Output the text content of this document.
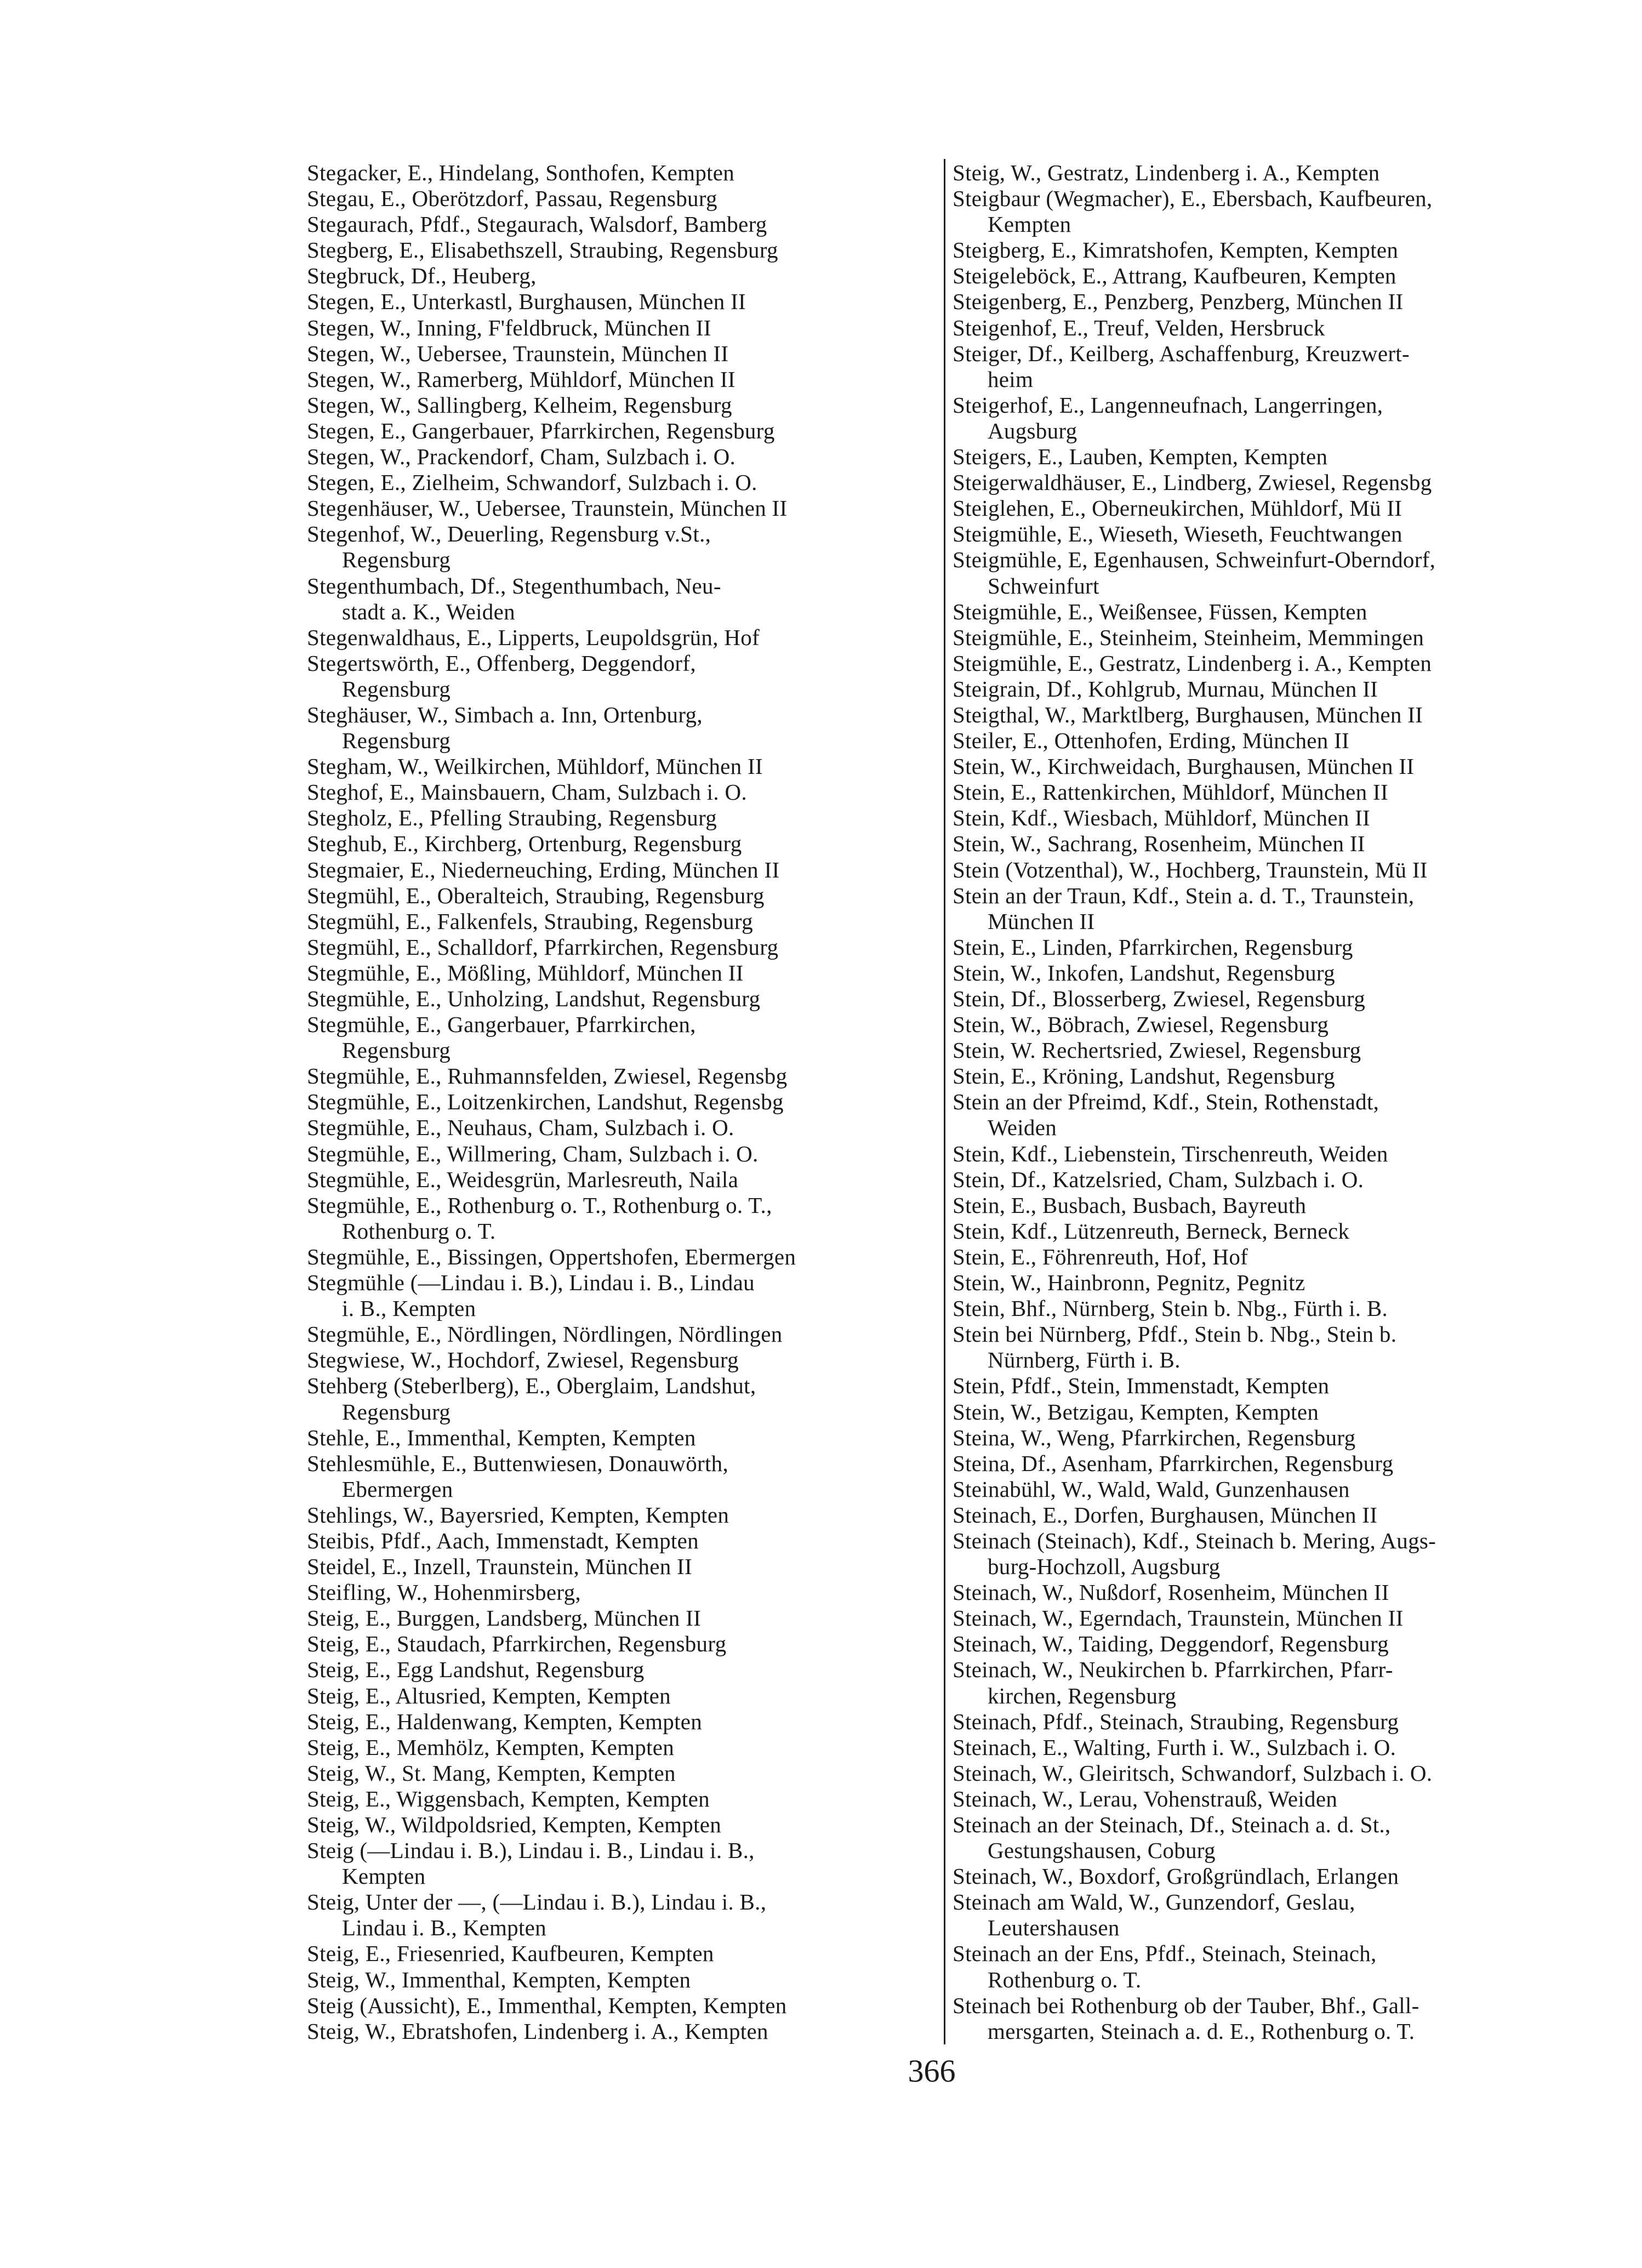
Stegacker, E., Hindelang, Sonthofen, Kempten
Stegau, E., Oberötzdorf, Passau, Regensburg
Stegaurach, Pfdf., Stegaurach, Walsdorf, Bamberg
Stegberg, E., Elisabethszell, Straubing, Regensburg
Stegbruck, Df., Heuberg,
Stegen, E., Unterkastl, Burghausen, München II
Stegen, W., Inning, F'feldbruck, München II
Stegen, W., Uebersee, Traunstein, München II
Stegen, W., Ramerberg, Mühldorf, München II
Stegen, W., Sallingberg, Kelheim, Regensburg
Stegen, E., Gangerbauer, Pfarrkirchen, Regensburg
Stegen, W., Prackendorf, Cham, Sulzbach i. O.
Stegen, E., Zielheim, Schwandorf, Sulzbach i. O.
Stegenhäuser, W., Uebersee, Traunstein, München II
Stegenhof, W., Deuerling, Regensburg v.St.,
Regensburg
Stegenthumbach, Df., Stegenthumbach, Neu-
stadt a. K., Weiden
Stegenwaldhaus, E., Lipperts, Leupoldsgrün, Hof
Stegertswörth, E., Offenberg, Deggendorf,
Regensburg
Steghäuser, W., Simbach a. Inn, Ortenburg,
Regensburg
Stegham, W., Weilkirchen, Mühldorf, München II
Steghof, E., Mainsbauern, Cham, Sulzbach i. O.
Stegholz, E., Pfelling Straubing, Regensburg
Steghub, E., Kirchberg, Ortenburg, Regensburg
Stegmaier, E., Niederneuching, Erding, München II
Stegmühl, E., Oberalteich, Straubing, Regensburg
Stegmühl, E., Falkenfels, Straubing, Regensburg
Stegmühl, E., Schalldorf, Pfarrkirchen, Regensburg
Stegmühle, E., Mößling, Mühldorf, München II
Stegmühle, E., Unholzing, Landshut, Regensburg
Stegmühle, E., Gangerbauer, Pfarrkirchen,
Regensburg
Stegmühle, E., Ruhmannsfelden, Zwiesel, Regensbg
Stegmühle, E., Loitzenkirchen, Landshut, Regensbg
Stegmühle, E., Neuhaus, Cham, Sulzbach i. O.
Stegmühle, E., Willmering, Cham, Sulzbach i. O.
Stegmühle, E., Weidesgrün, Marlesreuth, Naila
Stegmühle, E., Rothenburg o. T., Rothenburg o. T.,
Rothenburg o. T.
Stegmühle, E., Bissingen, Oppertshofen, Ebermergen
Stegmühle (—Lindau i. B.), Lindau i. B., Lindau
i. B., Kempten
Stegmühle, E., Nördlingen, Nördlingen, Nördlingen
Stegwiese, W., Hochdorf, Zwiesel, Regensburg
Stehberg (Steberlberg), E., Oberglaim, Landshut,
Regensburg
Stehle, E., Immenthal, Kempten, Kempten
Stehlesmühle, E., Buttenwiesen, Donauwörth,
Ebermergen
Stehlings, W., Bayersried, Kempten, Kempten
Steibis, Pfdf., Aach, Immenstadt, Kempten
Steidel, E., Inzell, Traunstein, München II
Steifling, W., Hohenmirsberg,
Steig, E., Burggen, Landsberg, München II
Steig, E., Staudach, Pfarrkirchen, Regensburg
Steig, E., Egg Landshut, Regensburg
Steig, E., Altusried, Kempten, Kempten
Steig, E., Haldenwang, Kempten, Kempten
Steig, E., Memhölz, Kempten, Kempten
Steig, W., St. Mang, Kempten, Kempten
Steig, E., Wiggensbach, Kempten, Kempten
Steig, W., Wildpoldsried, Kempten, Kempten
Steig (—Lindau i. B.), Lindau i. B., Lindau i. B.,
Kempten
Steig, Unter der —, (—Lindau i. B.), Lindau i. B.,
Lindau i. B., Kempten
Steig, E., Friesenried, Kaufbeuren, Kempten
Steig, W., Immenthal, Kempten, Kempten
Steig (Aussicht), E., Immenthal, Kempten, Kempten
Steig, W., Ebratshofen, Lindenberg i. A., Kempten
Steig, W., Gestratz, Lindenberg i. A., Kempten
Steigbaur (Wegmacher), E., Ebersbach, Kaufbeuren,
Kempten
Steigberg, E., Kimratshofen, Kempten, Kempten
Steigeleböck, E., Attrang, Kaufbeuren, Kempten
Steigenberg, E., Penzberg, Penzberg, München II
Steigenhof, E., Treuf, Velden, Hersbruck
Steiger, Df., Keilberg, Aschaffenburg, Kreuzwert-
heim
Steigerhof, E., Langenneufnach, Langerringen,
Augsburg
Steigers, E., Lauben, Kempten, Kempten
Steigerwaldhäuser, E., Lindberg, Zwiesel, Regensbg
Steiglehen, E., Oberneukirchen, Mühldorf, Mü II
Steigmühle, E., Wieseth, Wieseth, Feuchtwangen
Steigmühle, E, Egenhausen, Schweinfurt-Oberndorf,
Schweinfurt
Steigmühle, E., Weißensee, Füssen, Kempten
Steigmühle, E., Steinheim, Steinheim, Memmingen
Steigmühle, E., Gestratz, Lindenberg i. A., Kempten
Steigrain, Df., Kohlgrub, Murnau, München II
Steigthal, W., Marktlberg, Burghausen, München II
Steiler, E., Ottenhofen, Erding, München II
Stein, W., Kirchweidach, Burghausen, München II
Stein, E., Rattenkirchen, Mühldorf, München II
Stein, Kdf., Wiesbach, Mühldorf, München II
Stein, W., Sachrang, Rosenheim, München II
Stein (Votzenthal), W., Hochberg, Traunstein, Mü II
Stein an der Traun, Kdf., Stein a. d. T., Traunstein,
München II
Stein, E., Linden, Pfarrkirchen, Regensburg
Stein, W., Inkofen, Landshut, Regensburg
Stein, Df., Blosserberg, Zwiesel, Regensburg
Stein, W., Böbrach, Zwiesel, Regensburg
Stein, W. Rechertsried, Zwiesel, Regensburg
Stein, E., Kröning, Landshut, Regensburg
Stein an der Pfreimd, Kdf., Stein, Rothenstadt,
Weiden
Stein, Kdf., Liebenstein, Tirschenreuth, Weiden
Stein, Df., Katzelsried, Cham, Sulzbach i. O.
Stein, E., Busbach, Busbach, Bayreuth
Stein, Kdf., Lützenreuth, Berneck, Berneck
Stein, E., Föhrenreuth, Hof, Hof
Stein, W., Hainbronn, Pegnitz, Pegnitz
Stein, Bhf., Nürnberg, Stein b. Nbg., Fürth i. B.
Stein bei Nürnberg, Pfdf., Stein b. Nbg., Stein b.
Nürnberg, Fürth i. B.
Stein, Pfdf., Stein, Immenstadt, Kempten
Stein, W., Betzigau, Kempten, Kempten
Steina, W., Weng, Pfarrkirchen, Regensburg
Steina, Df., Asenham, Pfarrkirchen, Regensburg
Steinabühl, W., Wald, Wald, Gunzenhausen
Steinach, E., Dorfen, Burghausen, München II
Steinach (Steinach), Kdf., Steinach b. Mering, Augs-
burg-Hochzoll, Augsburg
Steinach, W., Nußdorf, Rosenheim, München II
Steinach, W., Egerndach, Traunstein, München II
Steinach, W., Taiding, Deggendorf, Regensburg
Steinach, W., Neukirchen b. Pfarrkirchen, Pfarr-
kirchen, Regensburg
Steinach, Pfdf., Steinach, Straubing, Regensburg
Steinach, E., Walting, Furth i. W., Sulzbach i. O.
Steinach, W., Gleiritsch, Schwandorf, Sulzbach i. O.
Steinach, W., Lerau, Vohenstrauß, Weiden
Steinach an der Steinach, Df., Steinach a. d. St.,
Gestungshausen, Coburg
Steinach, W., Boxdorf, Großgründlach, Erlangen
Steinach am Wald, W., Gunzendorf, Geslau,
Leutershausen
Steinach an der Ens, Pfdf., Steinach, Steinach,
Rothenburg o. T.
Steinach bei Rothenburg ob der Tauber, Bhf., Gall-
mersgarten, Steinach a. d. E., Rothenburg o. T.
366
